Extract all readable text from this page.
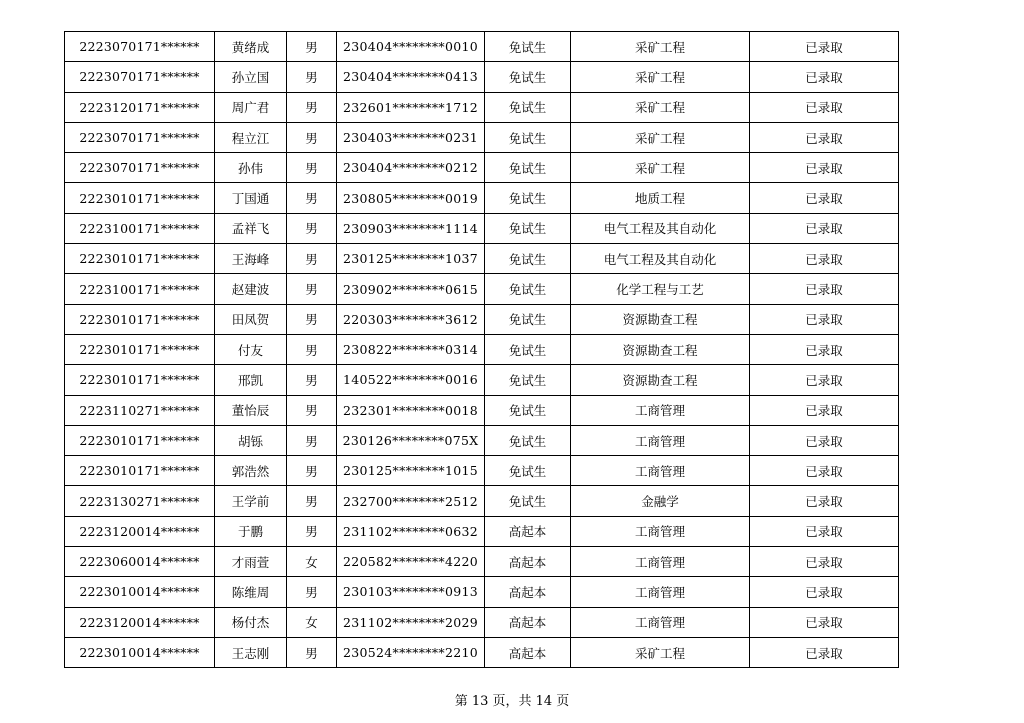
2223070171******	黄绪成	男	230404********0010	免试生	采矿工程	已录取
2223070171******	孙立国	男	230404********0413	免试生	采矿工程	已录取
2223120171******	周广君	男	232601********1712	免试生	采矿工程	已录取
2223070171******	程立江	男	230403********0231	免试生	采矿工程	已录取
2223070171******	孙伟	男	230404********0212	免试生	采矿工程	已录取
2223010171******	丁国通	男	230805********0019	免试生	地质工程	已录取
2223100171******	孟祥飞	男	230903********1114	免试生	电气工程及其自动化	已录取
2223010171******	王海峰	男	230125********1037	免试生	电气工程及其自动化	已录取
2223100171******	赵建波	男	230902********0615	免试生	化学工程与工艺	已录取
2223010171******	田凤贺	男	220303********3612	免试生	资源勘查工程	已录取
2223010171******	付友	男	230822********0314	免试生	资源勘查工程	已录取
2223010171******	邢凯	男	140522********0016	免试生	资源勘查工程	已录取
2223110271******	董怡辰	男	232301********0018	免试生	工商管理	已录取
2223010171******	胡铄	男	230126********075X	免试生	工商管理	已录取
2223010171******	郭浩然	男	230125********1015	免试生	工商管理	已录取
2223130271******	王学前	男	232700********2512	免试生	金融学	已录取
2223120014******	于鹏	男	231102********0632	高起本	工商管理	已录取
2223060014******	才雨萱	女	220582********4220	高起本	工商管理	已录取
2223010014******	陈维周	男	230103********0913	高起本	工商管理	已录取
2223120014******	杨付杰	女	231102********2029	高起本	工商管理	已录取
2223010014******	王志刚	男	230524********2210	高起本	采矿工程	已录取
第 13 页，共 14 页
